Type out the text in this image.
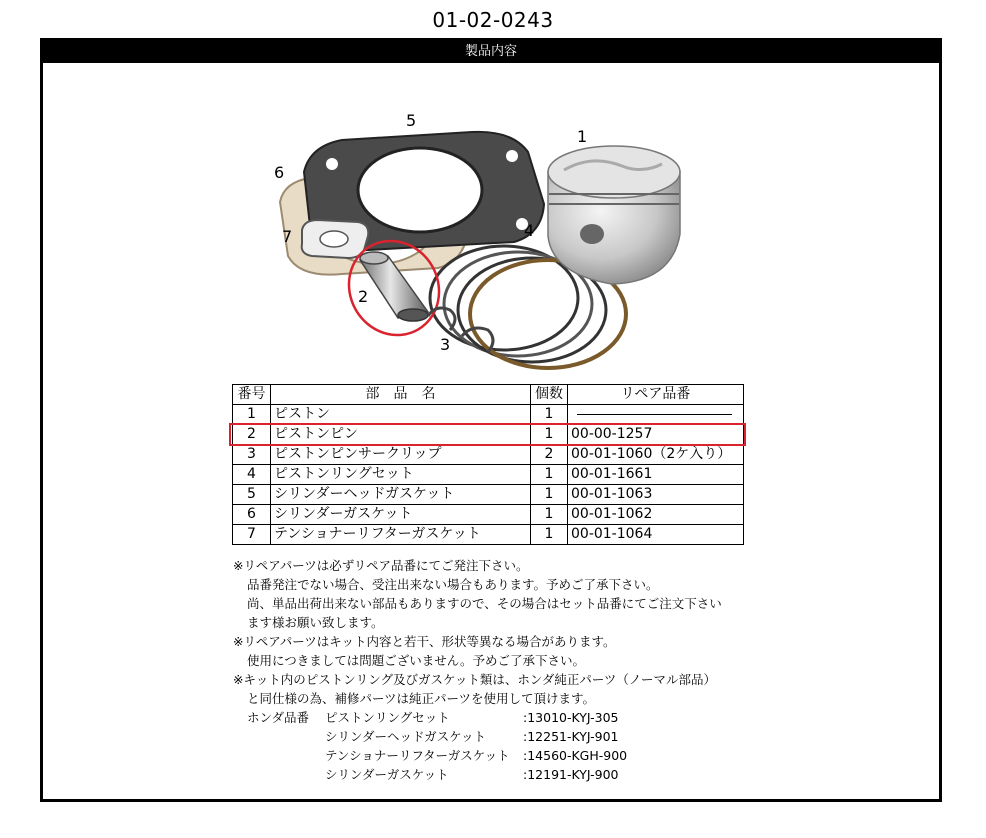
01-02-0243
製品内容
1
2
3
4
5
6
7
番号	部　品　名	個数	リペア品番
1	ピストン	1	

2	ピストンピン	1	00-00-1257
3	ピストンピンサークリップ	2	00-01-1060（2ケ入り）
4	ピストンリングセット	1	00-01-1661
5	シリンダーヘッドガスケット	1	00-01-1063
6	シリンダーガスケット	1	00-01-1062
7	テンショナーリフターガスケット	1	00-01-1064
※リペアパーツは必ずリペア品番にてご発注下さい。
品番発注でない場合、受注出来ない場合もあります。予めご了承下さい。
尚、単品出荷出来ない部品もありますので、その場合はセット品番にてご注文下さい
ます様お願い致します。
※リペアパーツはキット内容と若干、形状等異なる場合があります。
使用につきましては問題ございません。予めご了承下さい。
※キット内のピストンリング及びガスケット類は、ホンダ純正パーツ（ノーマル部品）
と同仕様の為、補修パーツは純正パーツを使用して頂けます。
ホンダ品番 ピストンリングセット	:13010-KYJ-305
シリンダーヘッドガスケット	:12251-KYJ-901
テンショナーリフターガスケット :14560-KGH-900
シリンダーガスケット	:12191-KYJ-900
